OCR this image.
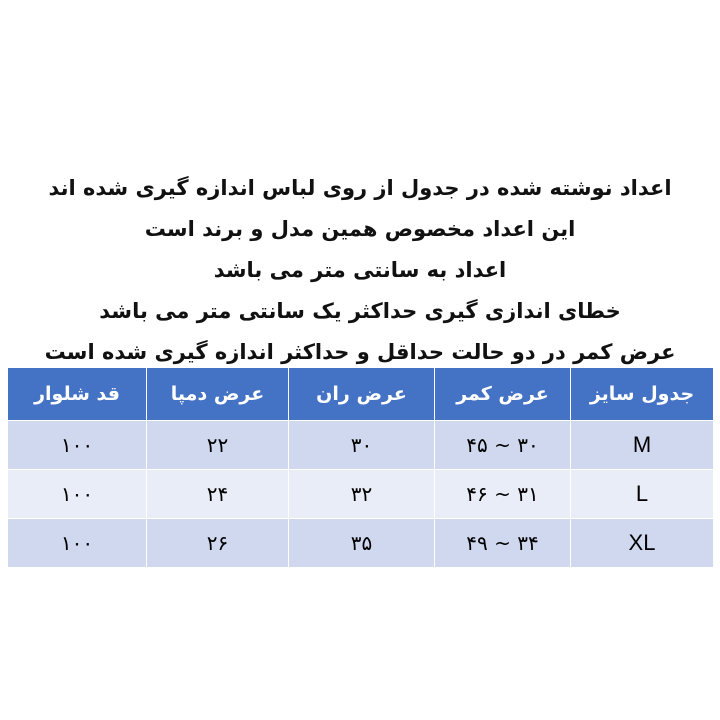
اعداد نوشته شده در جدول از روی لباس اندازه گیری شده اند
این اعداد مخصوص همین مدل و برند است
اعداد به سانتی متر می باشد
خطای اندازی گیری حداکثر یک سانتی متر می باشد
عرض کمر در دو حالت حداقل و حداکثر اندازه گیری شده است
جدول سایز	عرض کمر	عرض ران	عرض دمپا	قد شلوار
M	۳۰ ~ ۴۵	۳۰	۲۲	۱۰۰
L	۳۱ ~ ۴۶	۳۲	۲۴	۱۰۰
XL	۳۴ ~ ۴۹	۳۵	۲۶	۱۰۰
